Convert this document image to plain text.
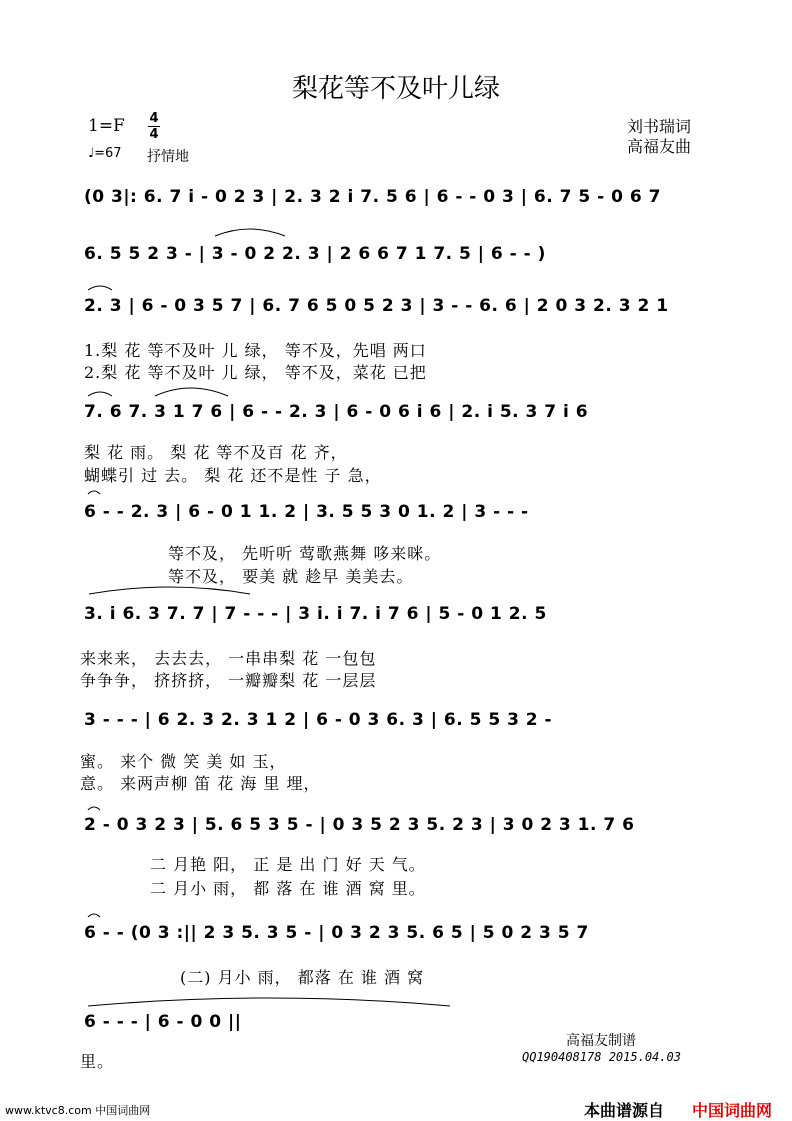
梨花等不及叶儿绿
1=F 4
4
♩=67 抒情地
刘书瑞词
高福友曲
(0 3|: 6. 7 i - 0 2 3 | 2. 3 2 i 7. 5 6 | 6 - - 0 3 | 6. 7 5 - 0 6 7
6. 5 5 2 3 - | 3 - 0 2 2. 3 | 2 6 6 7 1 7. 5 | 6 - - )
2. 3 | 6 - 0 3 5 7 | 6. 7 6 5 0 5 2 3 | 3 - - 6. 6 | 2 0 3 2. 3 2 1
1.梨 花 等不及叶 儿 绿， 等不及，先唱 两口
2.梨 花 等不及叶 儿 绿， 等不及，菜花 已把
7. 6 7. 3 1 7 6 | 6 - - 2. 3 | 6 - 0 6 i 6 | 2. i 5. 3 7 i 6
梨 花 雨。 梨 花 等不及百 花 齐，
蝴蝶引 过 去。 梨 花 还不是性 子 急，
6 - - 2. 3 | 6 - 0 1 1. 2 | 3. 5 5 3 0 1. 2 | 3 - - -
等不及， 先听听 莺歌燕舞 哆来咪。
等不及， 要美 就 趁早 美美去。
3. i 6. 3 7. 7 | 7 - - - | 3 i. i 7. i 7 6 | 5 - 0 1 2. 5
来来来， 去去去， 一串串梨 花 一包包
争争争， 挤挤挤， 一瓣瓣梨 花 一层层
3 - - - | 6 2. 3 2. 3 1 2 | 6 - 0 3 6. 3 | 6. 5 5 3 2 -
蜜。 来个 微 笑 美 如 玉，
意。 来两声柳 笛 花 海 里 埋，
2 - 0 3 2 3 | 5. 6 5 3 5 - | 0 3 5 2 3 5. 2 3 | 3 0 2 3 1. 7 6
二 月艳 阳， 正 是 出 门 好 天 气。
二 月小 雨， 都 落 在 谁 酒 窝 里。
6 - - (0 3 :|| 2 3 5. 3 5 - | 0 3 2 3 5. 6 5 | 5 0 2 3 5 7
(二) 月小 雨， 都落 在 谁 酒 窝
6 - - - | 6 - 0 0 ||
里。
高福友制谱
QQ190408178 2015.04.03
www.ktvc8.com 中国词曲网	本曲谱源自 中国词曲网
